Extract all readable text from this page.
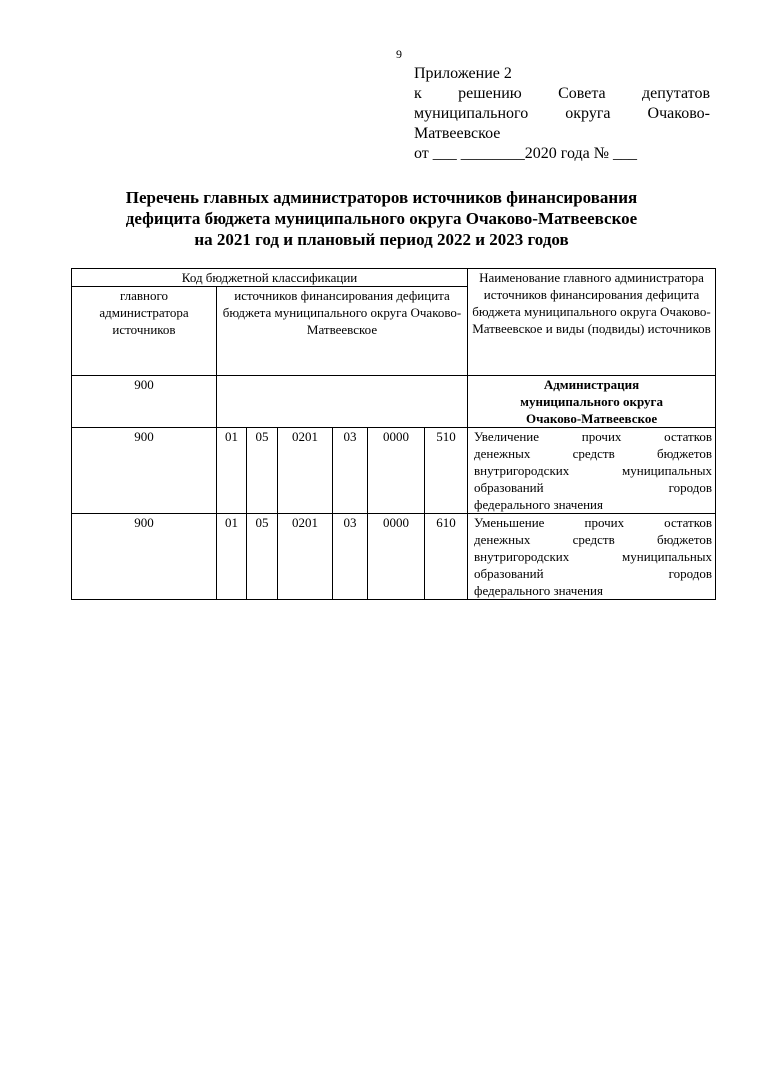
9
Приложение 2
к решению Совета депутатов
муниципального округа Очаково-
Матвеевское
от ___ ________2020 года № ___
Перечень главных администраторов источников финансирования
дефицита бюджета муниципального округа Очаково-Матвеевское
на 2021 год и плановый период 2022 и 2023 годов
Код бюджетной классификации							Наименование главного администратора источников финансирования дефицита бюджета муниципального округа Очаково-Матвеевское и виды (подвиды) источников
главного администратора источников	источников финансирования дефицита бюджета муниципального округа Очаково-Матвеевское						
900							Администрация
муниципального округа
Очаково-Матвеевское

900	01	05	0201	03	0000	510	Увеличение прочих остатков
денежных средств бюджетов
внутригородских муниципальных
образований городов
федерального значения

900	01	05	0201	03	0000	610	Уменьшение прочих остатков
денежных средств бюджетов
внутригородских муниципальных
образований городов
федерального значения
